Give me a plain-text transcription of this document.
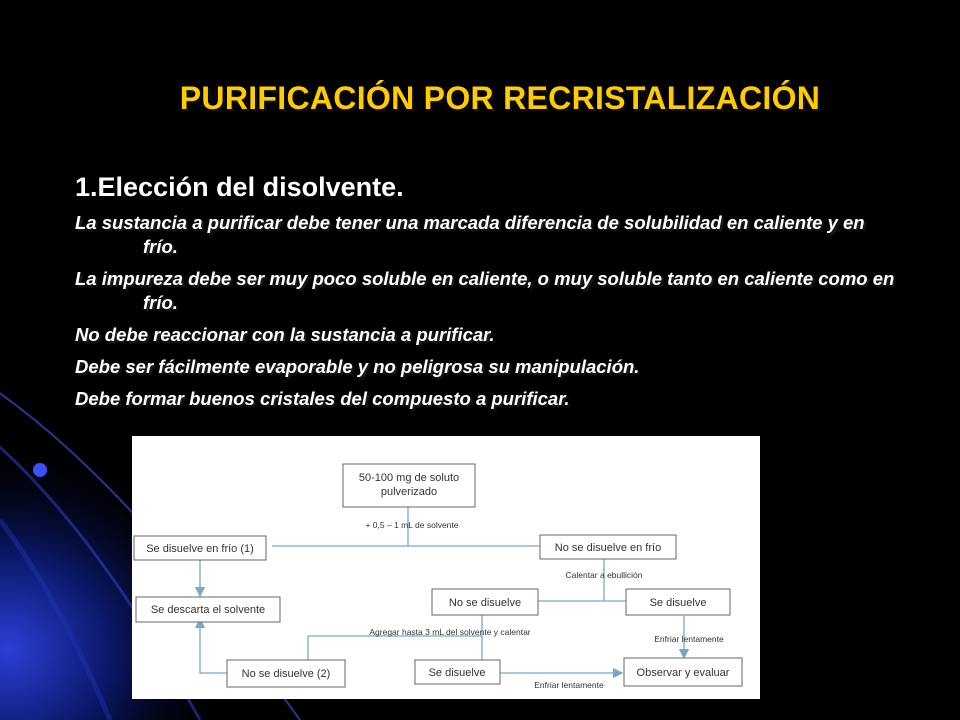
PURIFICACIÓN POR RECRISTALIZACIÓN
1.Elección del disolvente.
La sustancia a purificar debe tener una marcada diferencia de solubilidad en caliente y en frío.
La impureza debe ser muy poco soluble en caliente, o muy soluble tanto en caliente como en frío.
No debe reaccionar con la sustancia a purificar.
Debe ser fácilmente evaporable y no peligrosa su manipulación.
Debe formar buenos cristales del compuesto a purificar.
50-100 mg de soluto
pulverizado
+ 0,5 – 1 mL de solvente
Se disuelve en frío (1)	No se disuelve en frío
Calentar a ebullición
Se descarta el solvente
No se disuelve	Se disuelve
Agregar hasta 3 mL del solvente y calentar
Enfriar lentamente
No se disuelve (2)	Se disuelve	Observar y evaluar
Enfriar lentamente
